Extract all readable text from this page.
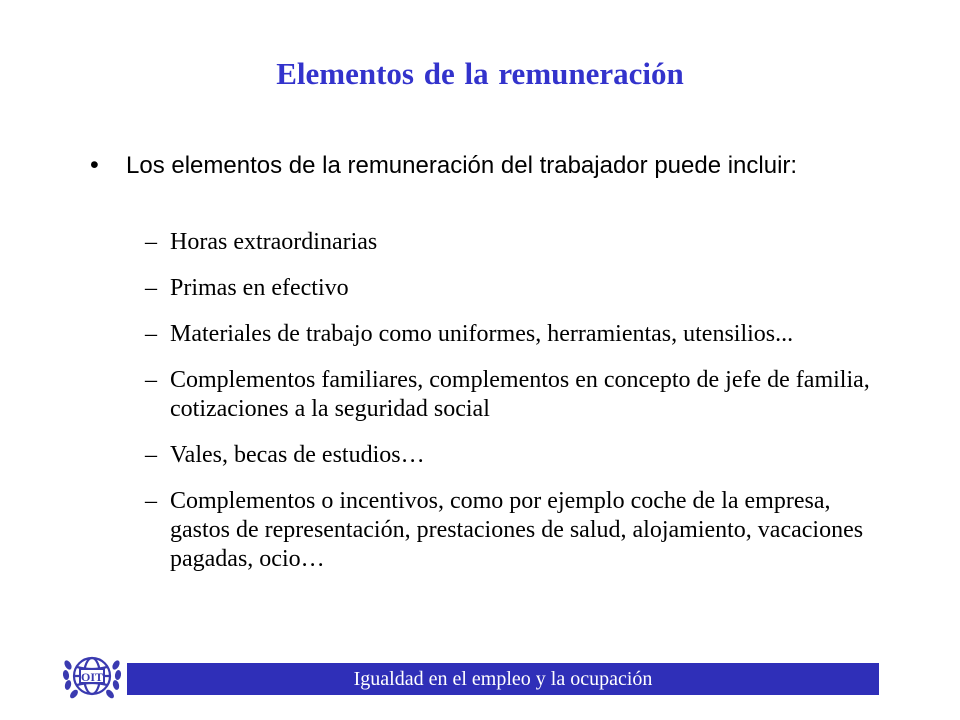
Elementos de la remuneración
•	Los elementos de la remuneración del trabajador puede incluir:
– Horas extraordinarias
– Primas en efectivo
– Materiales de trabajo como uniformes, herramientas, utensilios...
– Complementos familiares, complementos en concepto de jefe de familia, cotizaciones a la seguridad social
– Vales, becas de estudios…
– Complementos o incentivos, como por ejemplo coche de la empresa, gastos de representación, prestaciones de salud, alojamiento, vacaciones pagadas, ocio…
OIT	Igualdad en el empleo y la ocupación
